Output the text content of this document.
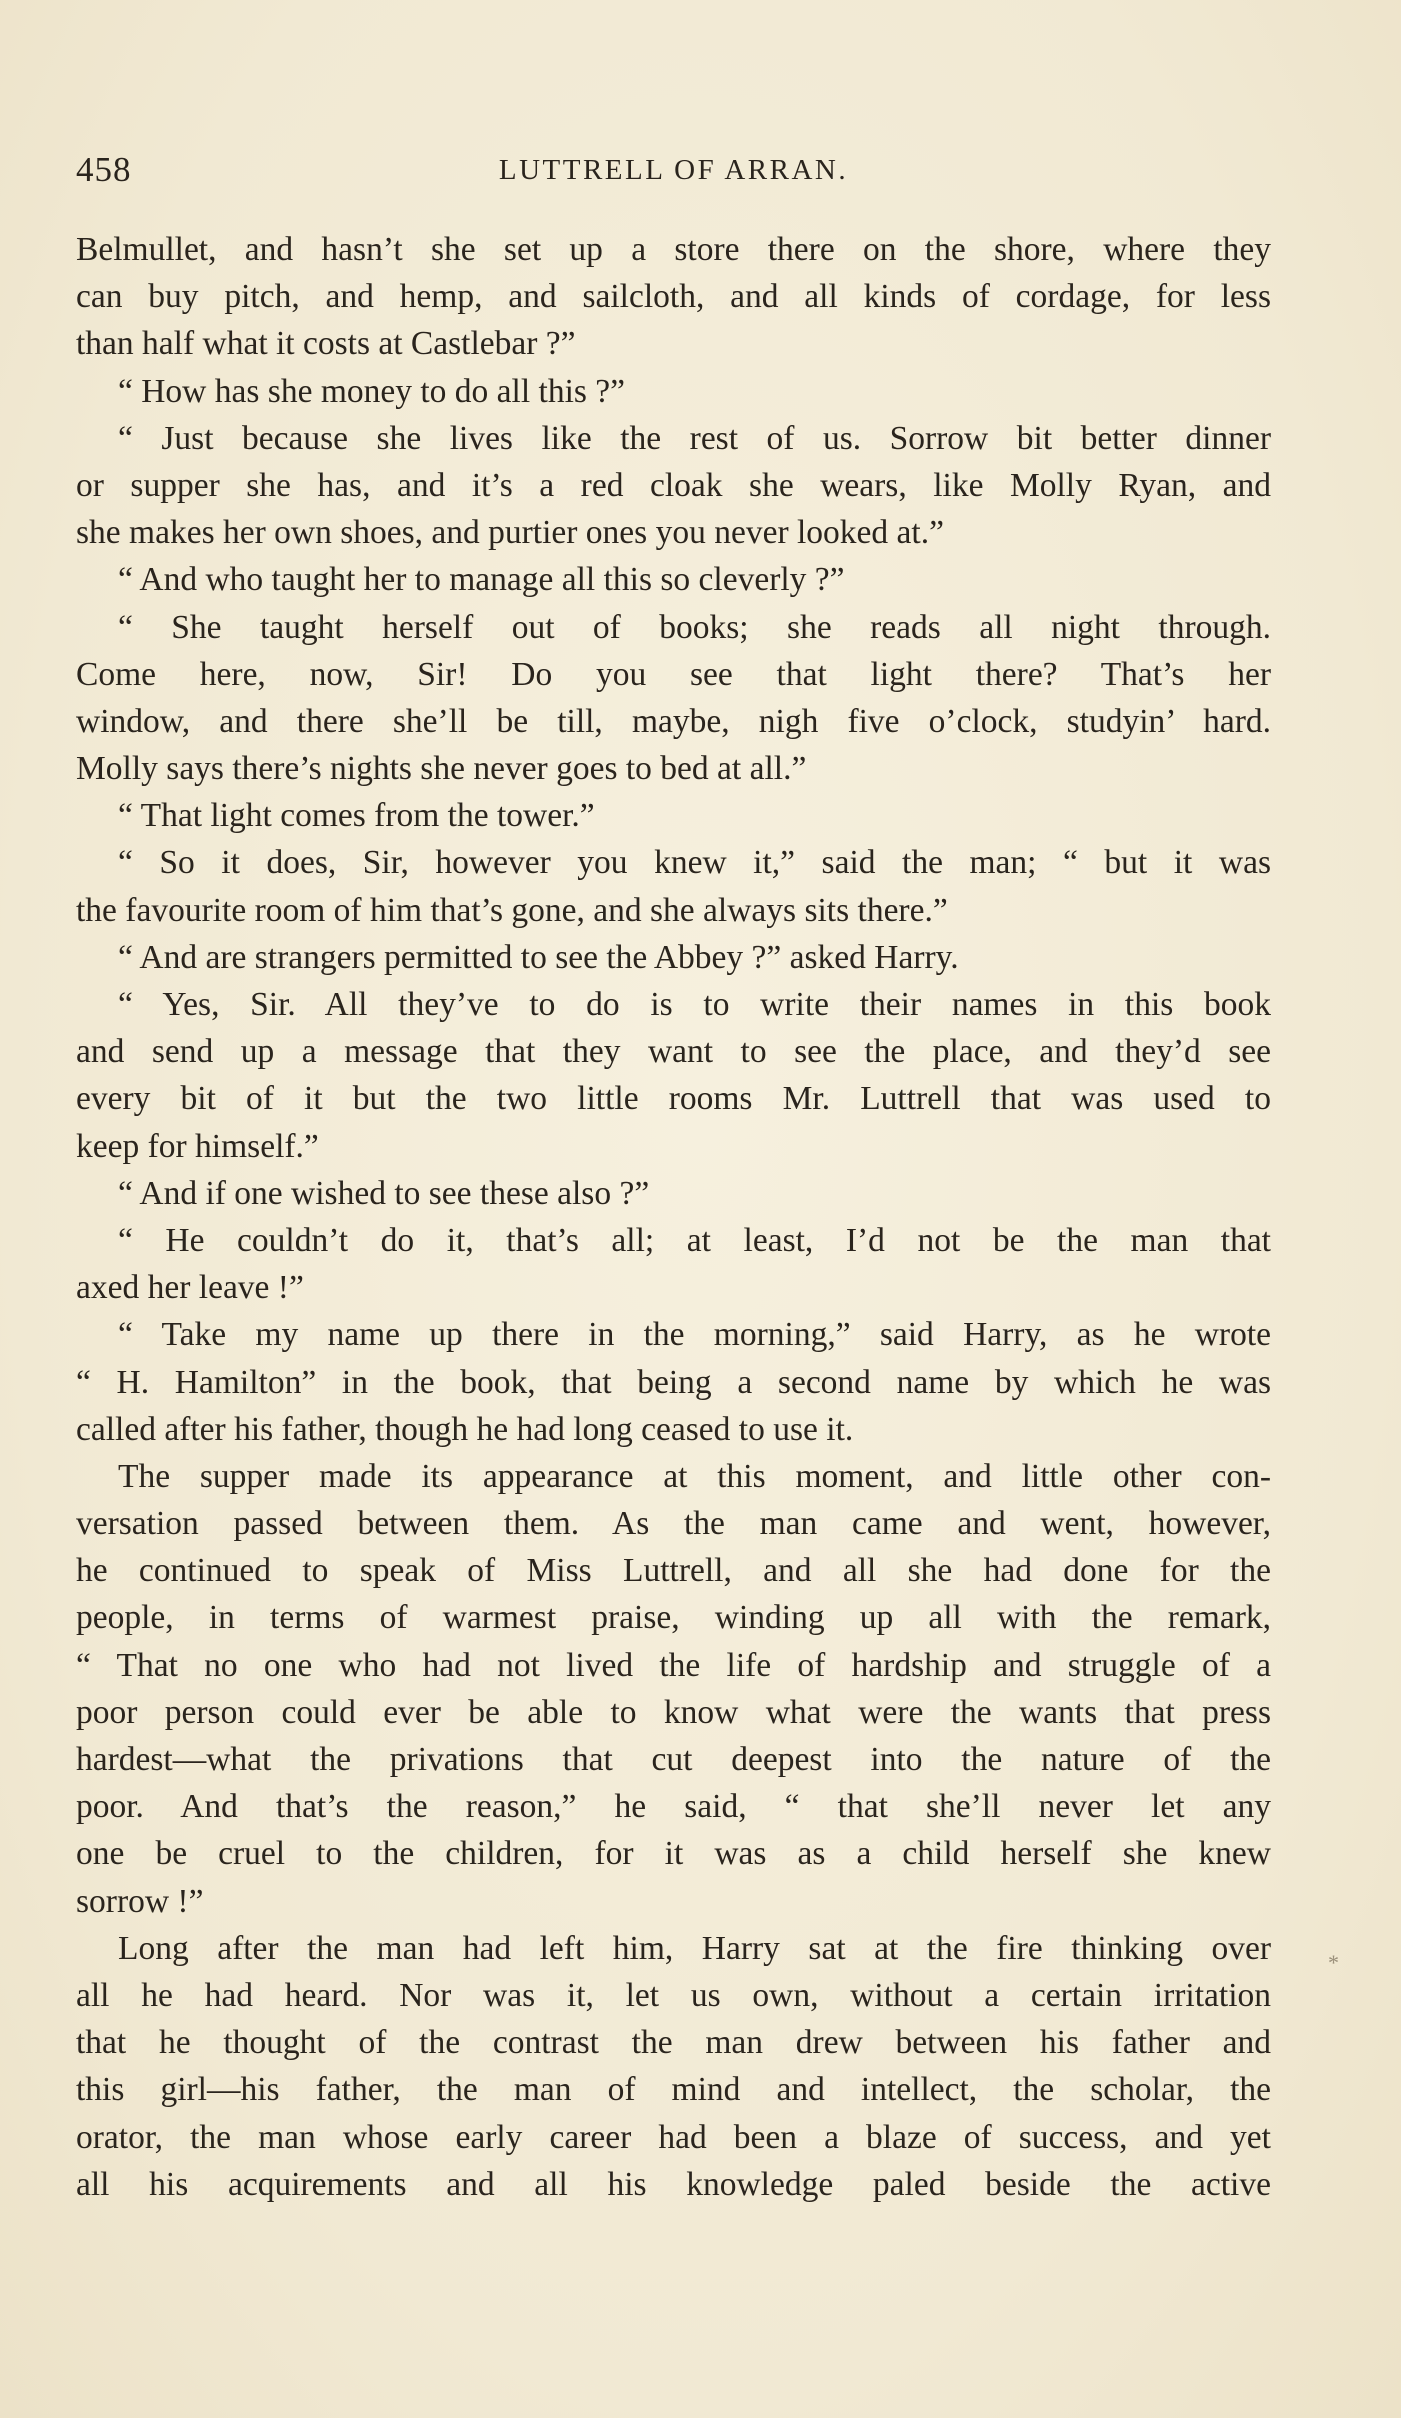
458	LUTTRELL OF ARRAN.
Belmullet, and hasn’t she set up a store there on the shore, where they
can buy pitch, and hemp, and sailcloth, and all kinds of cordage, for less
than half what it costs at Castlebar ?”
“ How has she money to do all this ?”
“ Just because she lives like the rest of us. Sorrow bit better dinner
or supper she has, and it’s a red cloak she wears, like Molly Ryan, and
she makes her own shoes, and purtier ones you never looked at.”
“ And who taught her to manage all this so cleverly ?”
“ She taught herself out of books; she reads all night through.
Come here, now, Sir! Do you see that light there? That’s her
window, and there she’ll be till, maybe, nigh five o’clock, studyin’ hard.
Molly says there’s nights she never goes to bed at all.”
“ That light comes from the tower.”
“ So it does, Sir, however you knew it,” said the man; “ but it was
the favourite room of him that’s gone, and she always sits there.”
“ And are strangers permitted to see the Abbey ?” asked Harry.
“ Yes, Sir. All they’ve to do is to write their names in this book
and send up a message that they want to see the place, and they’d see
every bit of it but the two little rooms Mr. Luttrell that was used to
keep for himself.”
“ And if one wished to see these also ?”
“ He couldn’t do it, that’s all; at least, I’d not be the man that
axed her leave !”
“ Take my name up there in the morning,” said Harry, as he wrote
“ H. Hamilton” in the book, that being a second name by which he was
called after his father, though he had long ceased to use it.
The supper made its appearance at this moment, and little other con-
versation passed between them. As the man came and went, however,
he continued to speak of Miss Luttrell, and all she had done for the
people, in terms of warmest praise, winding up all with the remark,
“ That no one who had not lived the life of hardship and struggle of a
poor person could ever be able to know what were the wants that press
hardest—what the privations that cut deepest into the nature of the
poor. And that’s the reason,” he said, “ that she’ll never let any
one be cruel to the children, for it was as a child herself she knew
sorrow !”
Long after the man had left him, Harry sat at the fire thinking over
all he had heard. Nor was it, let us own, without a certain irritation
that he thought of the contrast the man drew between his father and
this girl—his father, the man of mind and intellect, the scholar, the
orator, the man whose early career had been a blaze of success, and yet
all his acquirements and all his knowledge paled beside the active
*
